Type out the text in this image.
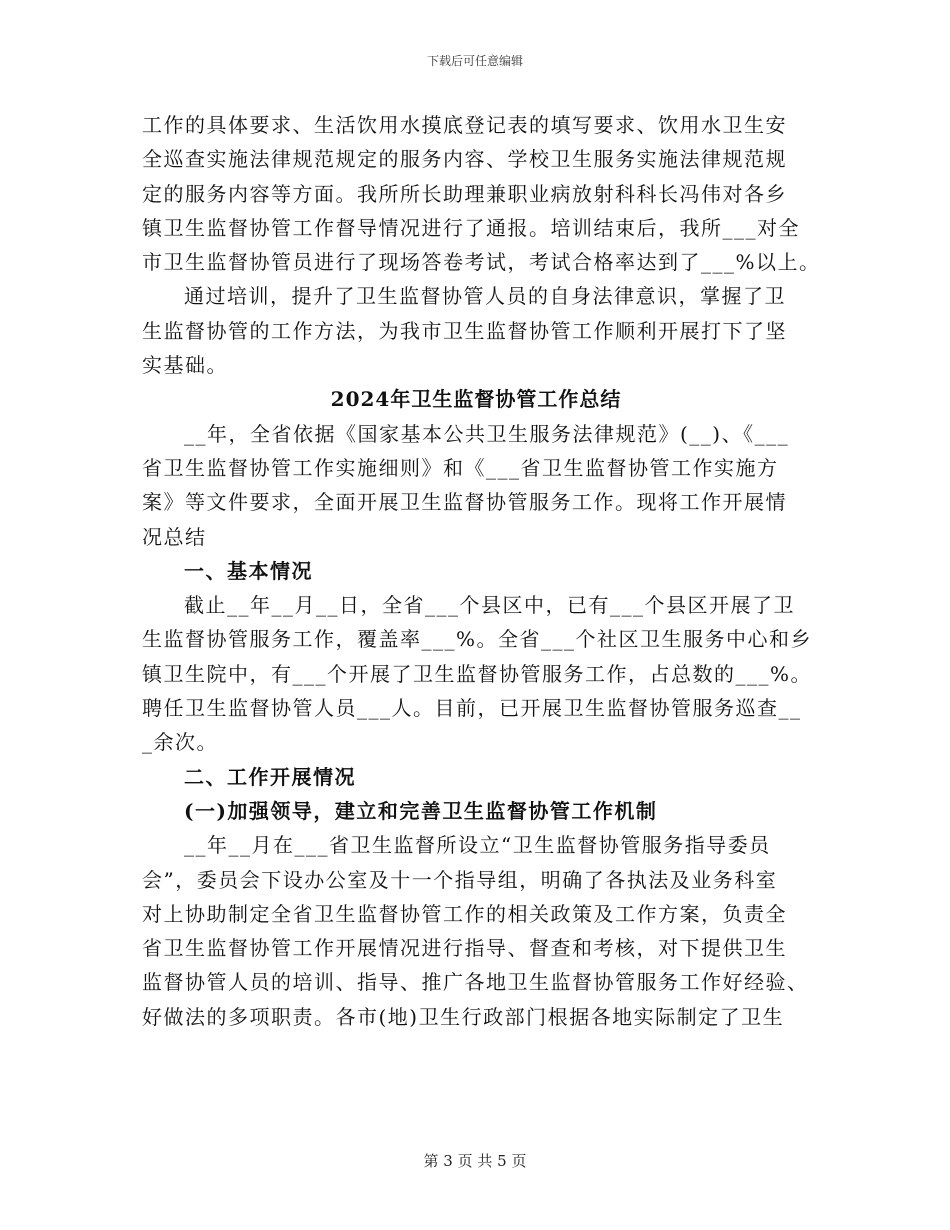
下载后可任意编辑
工作的具体要求、生活饮用水摸底登记表的填写要求、饮用水卫生安
全巡查实施法律规范规定的服务内容、学校卫生服务实施法律规范规
定的服务内容等方面。我所所长助理兼职业病放射科科长冯伟对各乡
镇卫生监督协管工作督导情况进行了通报。培训结束后，我所___对全
市卫生监督协管员进行了现场答卷考试，考试合格率达到了___%以上。
通过培训，提升了卫生监督协管人员的自身法律意识，掌握了卫
生监督协管的工作方法，为我市卫生监督协管工作顺利开展打下了坚
实基础。
2024年卫生监督协管工作总结
__年，全省依据《国家基本公共卫生服务法律规范》(__)、《___
省卫生监督协管工作实施细则》和《___省卫生监督协管工作实施方
案》等文件要求，全面开展卫生监督协管服务工作。现将工作开展情
况总结
一、基本情况
截止__年__月__日，全省___个县区中，已有___个县区开展了卫
生监督协管服务工作，覆盖率___%。全省___个社区卫生服务中心和乡
镇卫生院中，有___个开展了卫生监督协管服务工作，占总数的___%。
聘任卫生监督协管人员___人。目前，已开展卫生监督协管服务巡查__
_余次。
二、工作开展情况
(一)加强领导，建立和完善卫生监督协管工作机制
__年__月在___省卫生监督所设立“卫生监督协管服务指导委员
会”，委员会下设办公室及十一个指导组，明确了各执法及业务科室
对上协助制定全省卫生监督协管工作的相关政策及工作方案，负责全
省卫生监督协管工作开展情况进行指导、督查和考核，对下提供卫生
监督协管人员的培训、指导、推广各地卫生监督协管服务工作好经验、
好做法的多项职责。各市(地)卫生行政部门根据各地实际制定了卫生
第 3 页 共 5 页
